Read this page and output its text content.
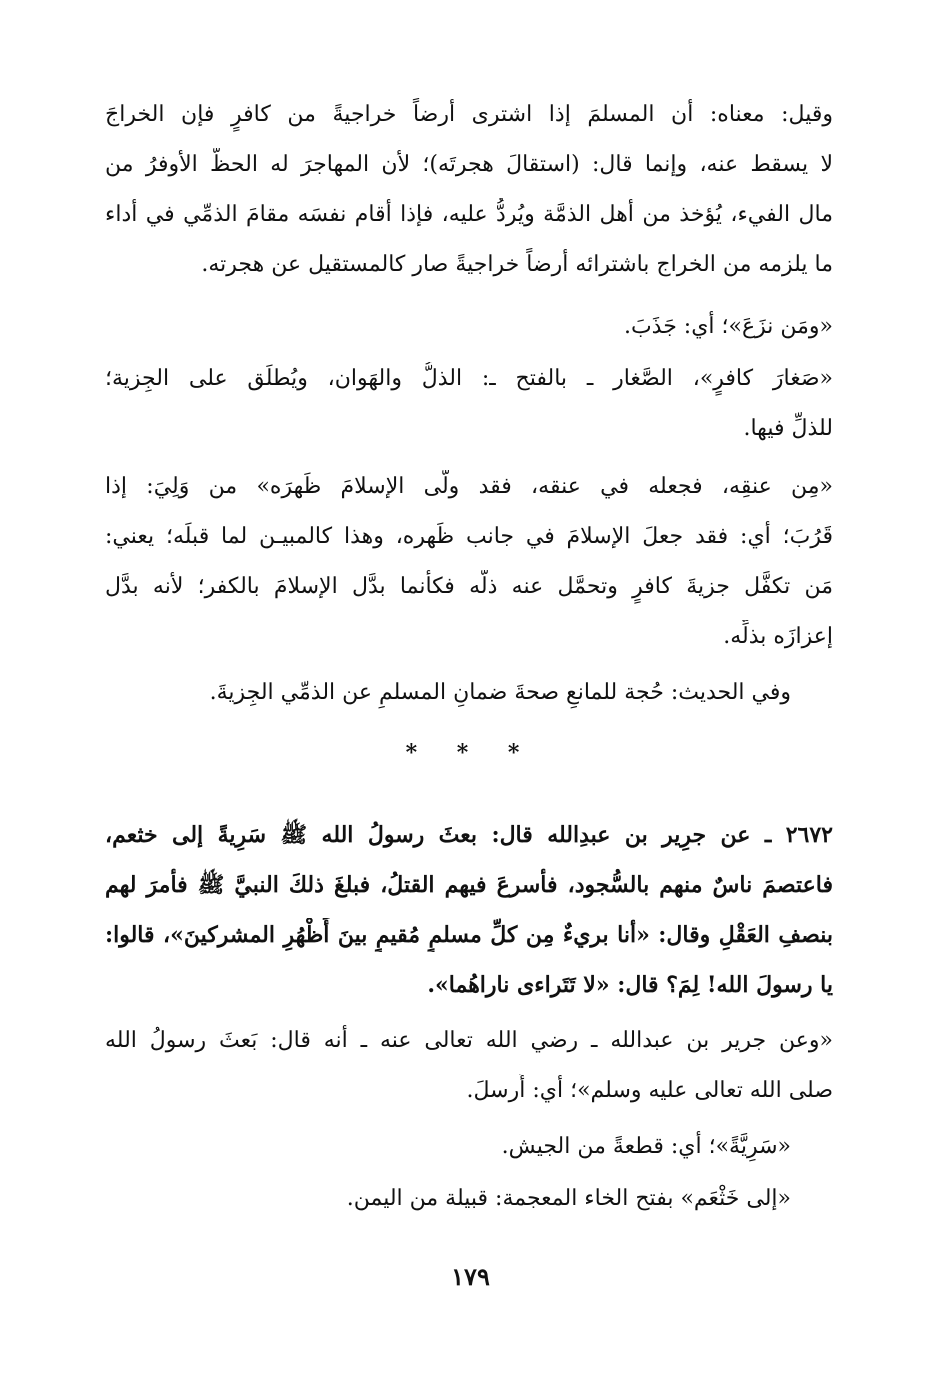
وقيل: معناه: أن المسلمَ إذا اشترى أرضاً خراجيةً من كافرٍ فإن الخراجَ
لا يسقط عنه، وإنما قال: (استقالَ هجرتَه)؛ لأن المهاجرَ له الحظُّ الأوفرُ من
مال الفيء، يُؤخذ من أهل الذمَّة ويُردُّ عليه، فإذا أقام نفسَه مقامَ الذمِّي في أداء
ما يلزمه من الخراج باشترائه أرضاً خراجيةً صار كالمستقيل عن هجرته.
«ومَن نزَعَ»؛ أي: جَذَبَ.
«صَغارَ كافرٍ»، الصَّغار ـ بالفتح ـ: الذلُّ والهَوان، ويُطلَق على الجِزية؛
للذلِّ فيها.
«مِن عنقِه، فجعله في عنقه، فقد ولَّى الإسلامَ ظَهرَه» من وَلِيَ: إذا
قَرُبَ؛ أي: فقد جعلَ الإسلامَ في جانب ظَهره، وهذا كالمبيـن لما قبلَه؛ يعني:
مَن تكفَّل جزيةَ كافرٍ وتحمَّل عنه ذلَّه فكأنما بدَّل الإسلامَ بالكفر؛ لأنه بدَّل
إعزازَه بذلِّه.
وفي الحديث: حُجة للمانعِ صحةَ ضمانِ المسلمِ عن الذمِّي الجِزيةَ.
* * *
٢٦٧٢ ـ عن جرِير بن عبدِالله قال: بعثَ رسولُ الله ﷺ سَرِيةً إلى خثعم،
فاعتصمَ ناسٌ منهم بالسُّجود، فأسرعَ فيهم القتلُ، فبلغَ ذلكَ النبيَّ ﷺ فأمرَ لهم
بنصفِ العَقْلِ وقال: «أنا بريءٌ مِن كلِّ مسلمٍ مُقيمٍ بينَ أَظْهُرِ المشركينَ»، قالوا:
يا رسولَ الله! لِمَ؟ قال: «لا تَتَراءى ناراهُما».
«وعن جرير بن عبدالله ـ رضي الله تعالى عنه ـ أنه قال: بَعثَ رسولُ الله
صلى الله تعالى عليه وسلم»؛ أي: أَرسلَ.
«سَرِيَّةً»؛ أي: قطعةً من الجيش.
«إلى خَثْعَم» بفتح الخاء المعجمة: قبيلة من اليمن.
١٧٩
